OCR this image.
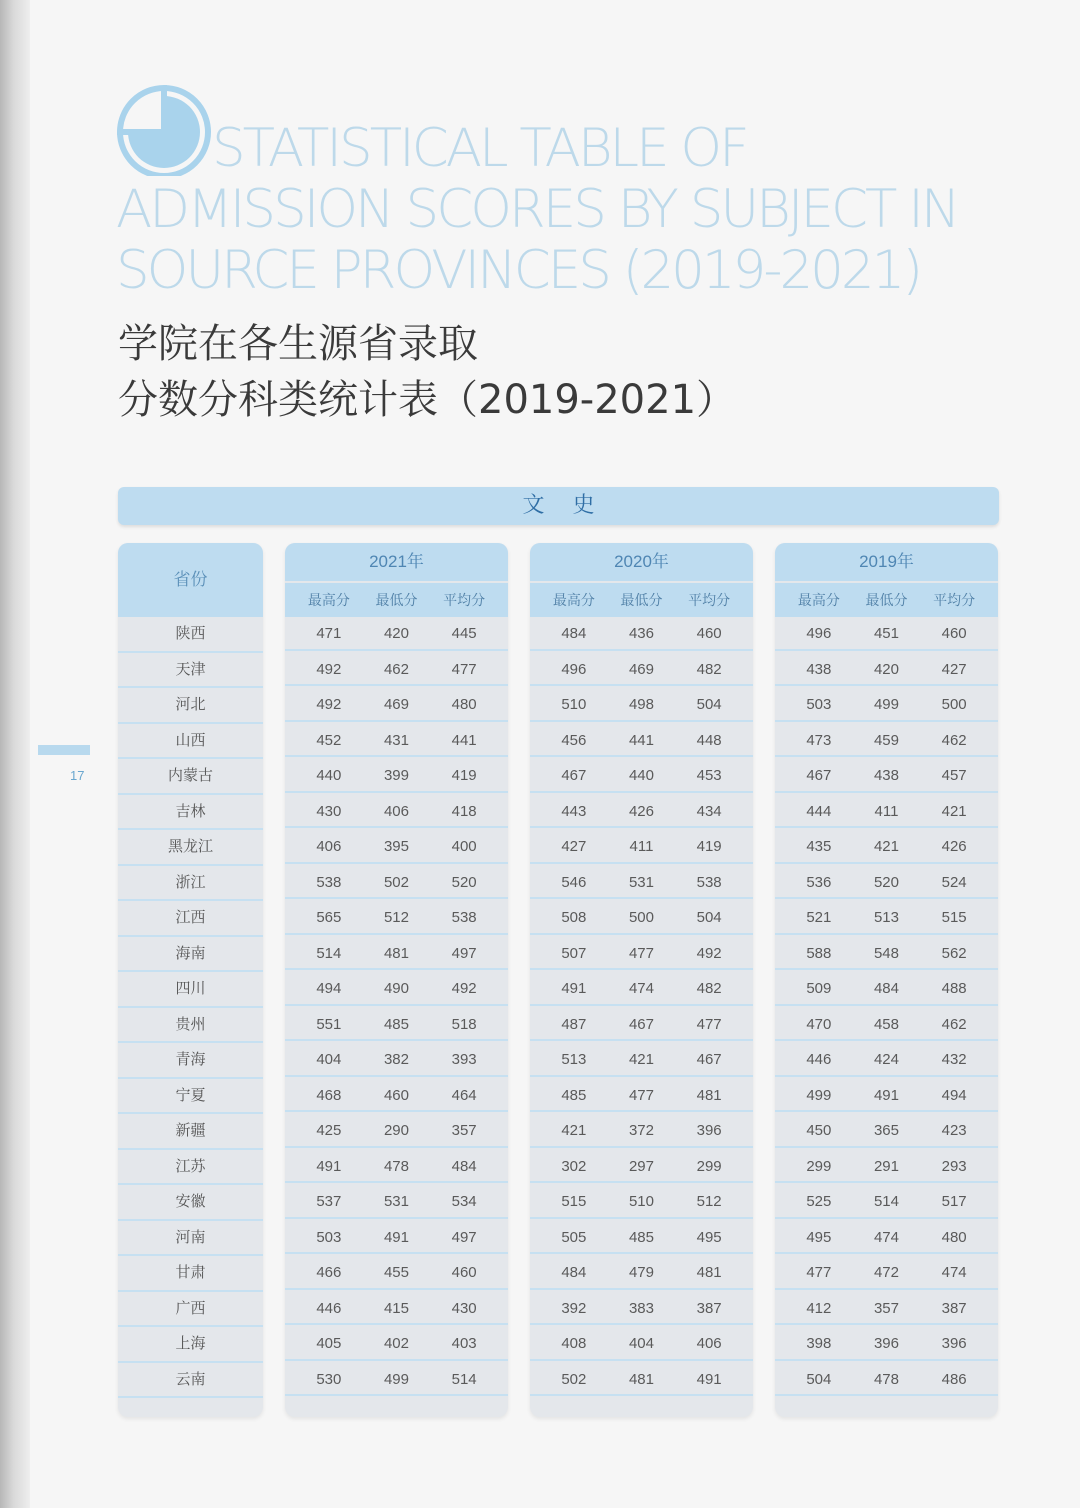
STATISTICAL TABLE OF
ADMISSION SCORES BY SUBJECT IN
SOURCE PROVINCES (2019-2021)
学院在各生源省录取
分数分科类统计表（2019-2021）
17
文史
省份
2021年	2020年	2019年
最高分 最低分 平均分	最高分 最低分 平均分	最高分 最低分 平均分
陕西	471	420	445	484	436	460	496	451	460
天津	492	462	477	496	469	482	438	420	427
河北	492	469	480	510	498	504	503	499	500
山西	452	431	441	456	441	448	473	459	462
内蒙古	440	399	419	467	440	453	467	438	457
吉林	430	406	418	443	426	434	444	411	421
黑龙江	406	395	400	427	411	419	435	421	426
浙江	538	502	520	546	531	538	536	520	524
江西	565	512	538	508	500	504	521	513	515
海南	514	481	497	507	477	492	588	548	562
四川	494	490	492	491	474	482	509	484	488
贵州	551	485	518	487	467	477	470	458	462
青海	404	382	393	513	421	467	446	424	432
宁夏	468	460	464	485	477	481	499	491	494
新疆	425	290	357	421	372	396	450	365	423
江苏	491	478	484	302	297	299	299	291	293
安徽	537	531	534	515	510	512	525	514	517
河南	503	491	497	505	485	495	495	474	480
甘肃	466	455	460	484	479	481	477	472	474
广西	446	415	430	392	383	387	412	357	387
上海	405	402	403	408	404	406	398	396	396
云南	530	499	514	502	481	491	504	478	486
